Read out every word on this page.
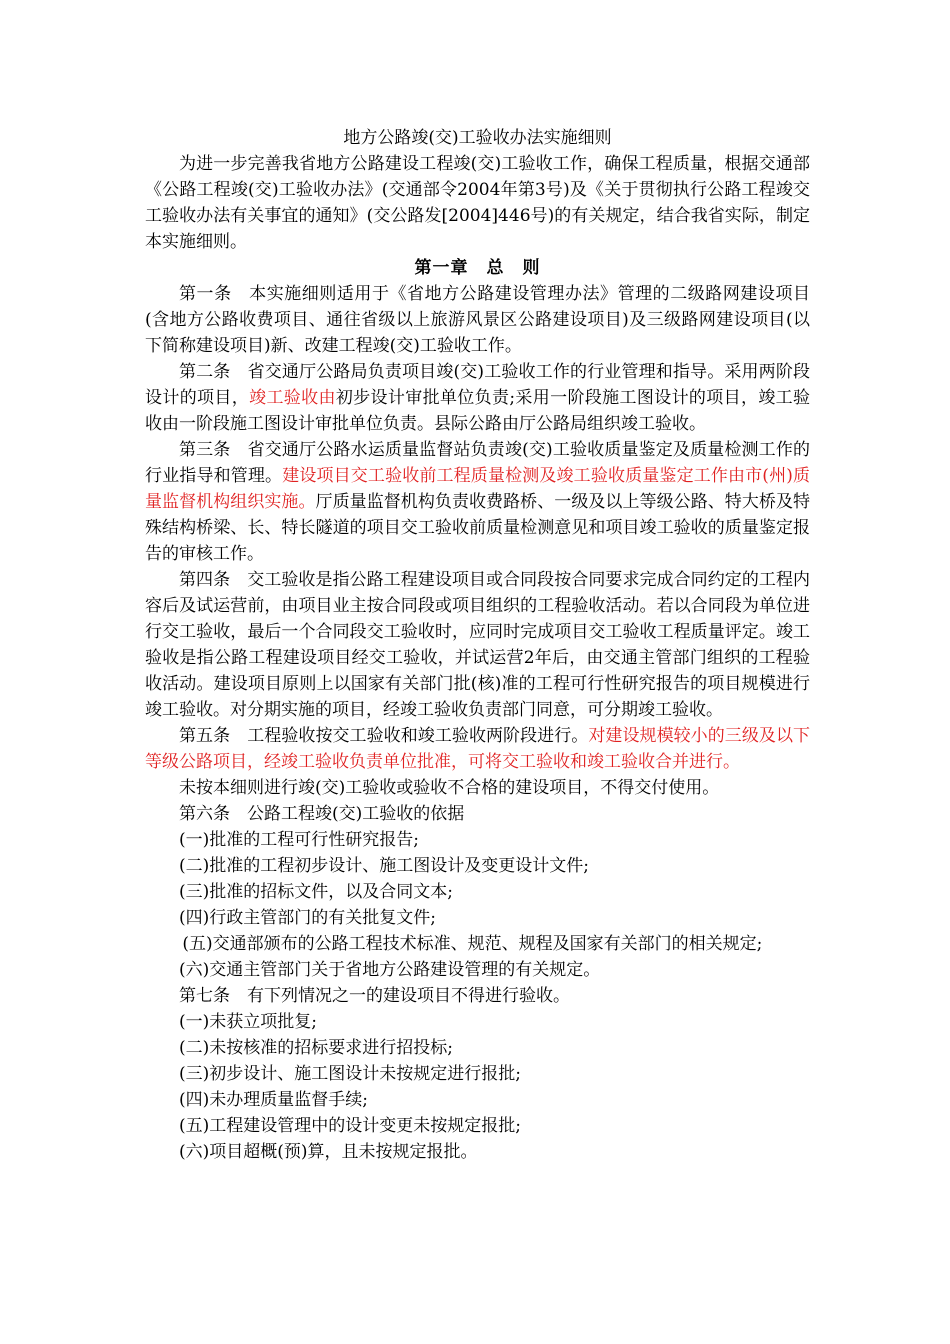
地方公路竣(交)工验收办法实施细则

为进一步完善我省地方公路建设工程竣(交)工验收工作，确保工程质量，根据交通部《公路工程竣(交)工验收办法》(交通部令2004年第3号)及《关于贯彻执行公路工程竣交工验收办法有关事宜的通知》(交公路发[2004]446号)的有关规定，结合我省实际，制定本实施细则。

第一章　总　则

第一条　本实施细则适用于《省地方公路建设管理办法》管理的二级路网建设项目(含地方公路收费项目、通往省级以上旅游风景区公路建设项目)及三级路网建设项目(以下简称建设项目)新、改建工程竣(交)工验收工作。

第二条　省交通厅公路局负责项目竣(交)工验收工作的行业管理和指导。采用两阶段设计的项目，竣工验收由初步设计审批单位负责;采用一阶段施工图设计的项目，竣工验收由一阶段施工图设计审批单位负责。县际公路由厅公路局组织竣工验收。

第三条　省交通厅公路水运质量监督站负责竣(交)工验收质量鉴定及质量检测工作的行业指导和管理。建设项目交工验收前工程质量检测及竣工验收质量鉴定工作由市(州)质量监督机构组织实施。厅质量监督机构负责收费路桥、一级及以上等级公路、特大桥及特殊结构桥梁、长、特长隧道的项目交工验收前质量检测意见和项目竣工验收的质量鉴定报告的审核工作。

第四条　交工验收是指公路工程建设项目或合同段按合同要求完成合同约定的工程内容后及试运营前，由项目业主按合同段或项目组织的工程验收活动。若以合同段为单位进行交工验收，最后一个合同段交工验收时，应同时完成项目交工验收工程质量评定。竣工验收是指公路工程建设项目经交工验收，并试运营2年后，由交通主管部门组织的工程验收活动。建设项目原则上以国家有关部门批(核)准的工程可行性研究报告的项目规模进行竣工验收。对分期实施的项目，经竣工验收负责部门同意，可分期竣工验收。

第五条　工程验收按交工验收和竣工验收两阶段进行。对建设规模较小的三级及以下等级公路项目，经竣工验收负责单位批准，可将交工验收和竣工验收合并进行。

未按本细则进行竣(交)工验收或验收不合格的建设项目，不得交付使用。

第六条　公路工程竣(交)工验收的依据

(一)批准的工程可行性研究报告;

(二)批准的工程初步设计、施工图设计及变更设计文件;

(三)批准的招标文件，以及合同文本;

(四)行政主管部门的有关批复文件;

(五)交通部颁布的公路工程技术标准、规范、规程及国家有关部门的相关规定;

(六)交通主管部门关于省地方公路建设管理的有关规定。

第七条　有下列情况之一的建设项目不得进行验收。

(一)未获立项批复;

(二)未按核准的招标要求进行招投标;

(三)初步设计、施工图设计未按规定进行报批;

(四)未办理质量监督手续;

(五)工程建设管理中的设计变更未按规定报批;

(六)项目超概(预)算，且未按规定报批。
